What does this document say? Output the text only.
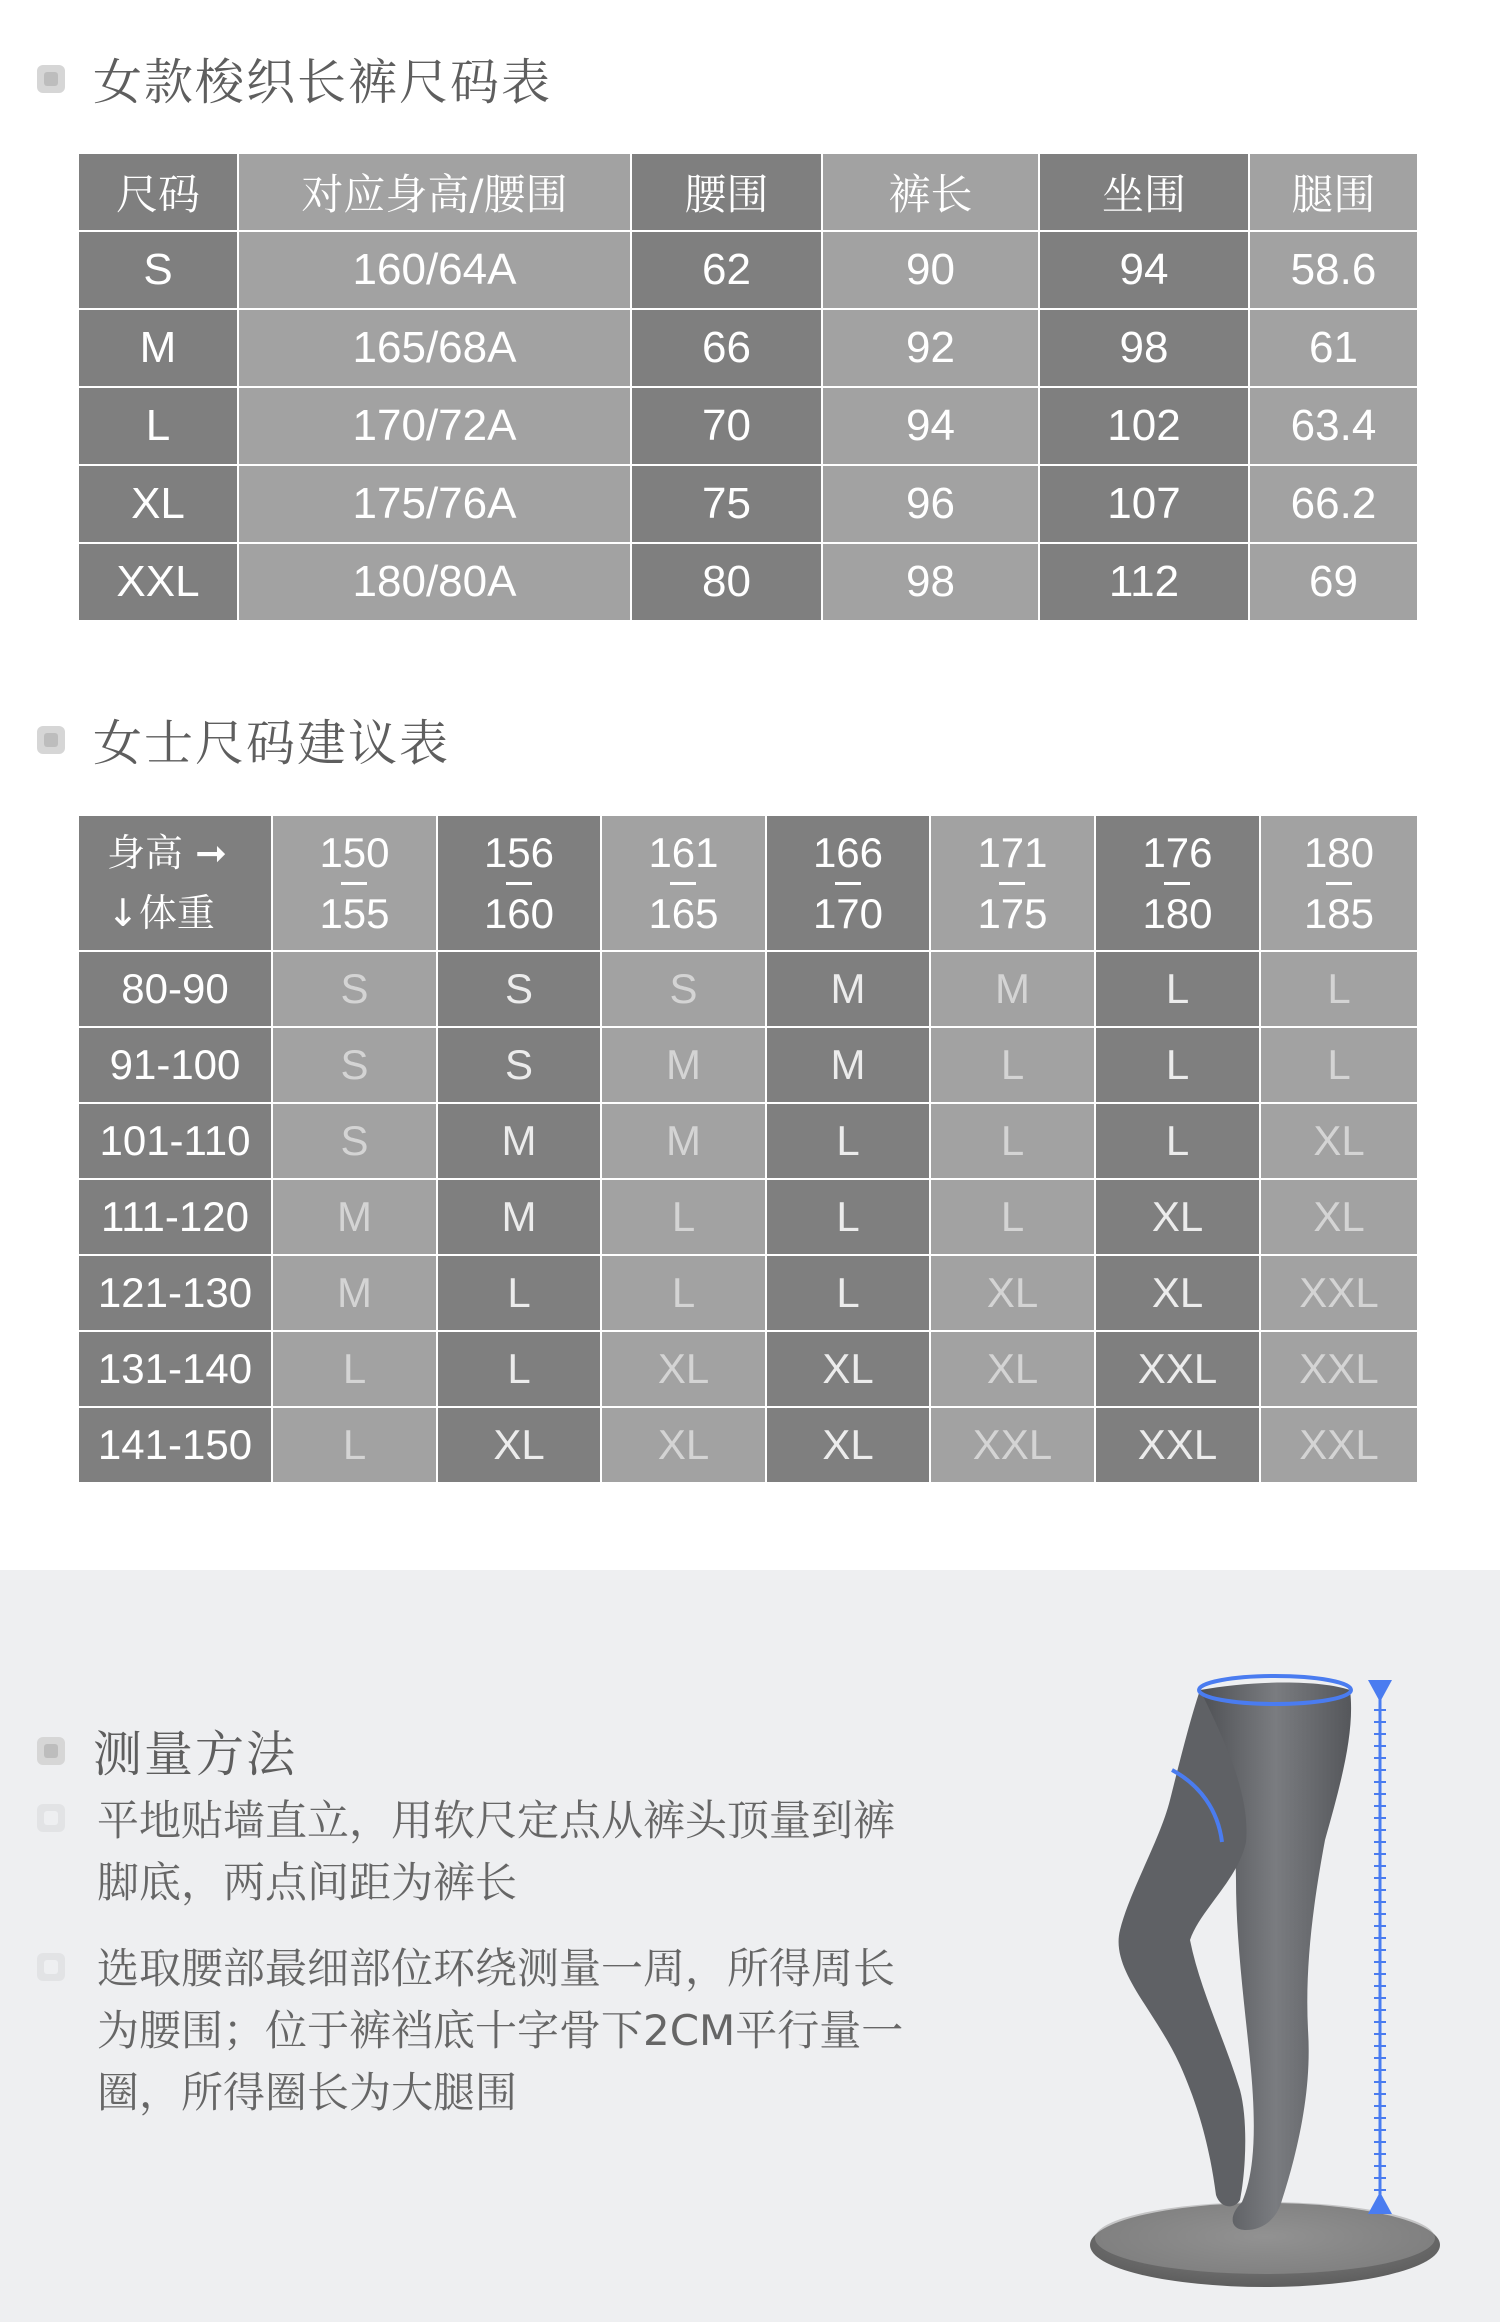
女款梭织长裤尺码表
尺码	对应身高/腰围	腰围	裤长	坐围	腿围
S	160/64A	62	90	94	58.6
M	165/68A	66	92	98	61
L	170/72A	70	94	102	63.4
XL	175/76A	75	96	107	66.2
XXL	180/80A	80	98	112	69
女士尺码建议表
身高 ➞
↓体重	$\frac{150}{155}$	$\frac{156}{160}$	$\frac{161}{165}$	$\frac{166}{170}$	$\frac{171}{175}$	$\frac{176}{180}$	$\frac{180}{185}$
80-90	S	S	S	M	M	L	L
91-100	S	S	M	M	L	L	L
101-110	S	M	M	L	L	L	XL
111-120	M	M	L	L	L	XL	XL
121-130	M	L	L	L	XL	XL	XXL
131-140	L	L	XL	XL	XL	XXL	XXL
141-150	L	XL	XL	XL	XXL	XXL	XXL
测量方法
平地贴墙直立，用软尺定点从裤头顶量到裤
脚底，两点间距为裤长
选取腰部最细部位环绕测量一周，所得周长
为腰围；位于裤裆底十字骨下2CM平行量一
圈，所得圈长为大腿围
